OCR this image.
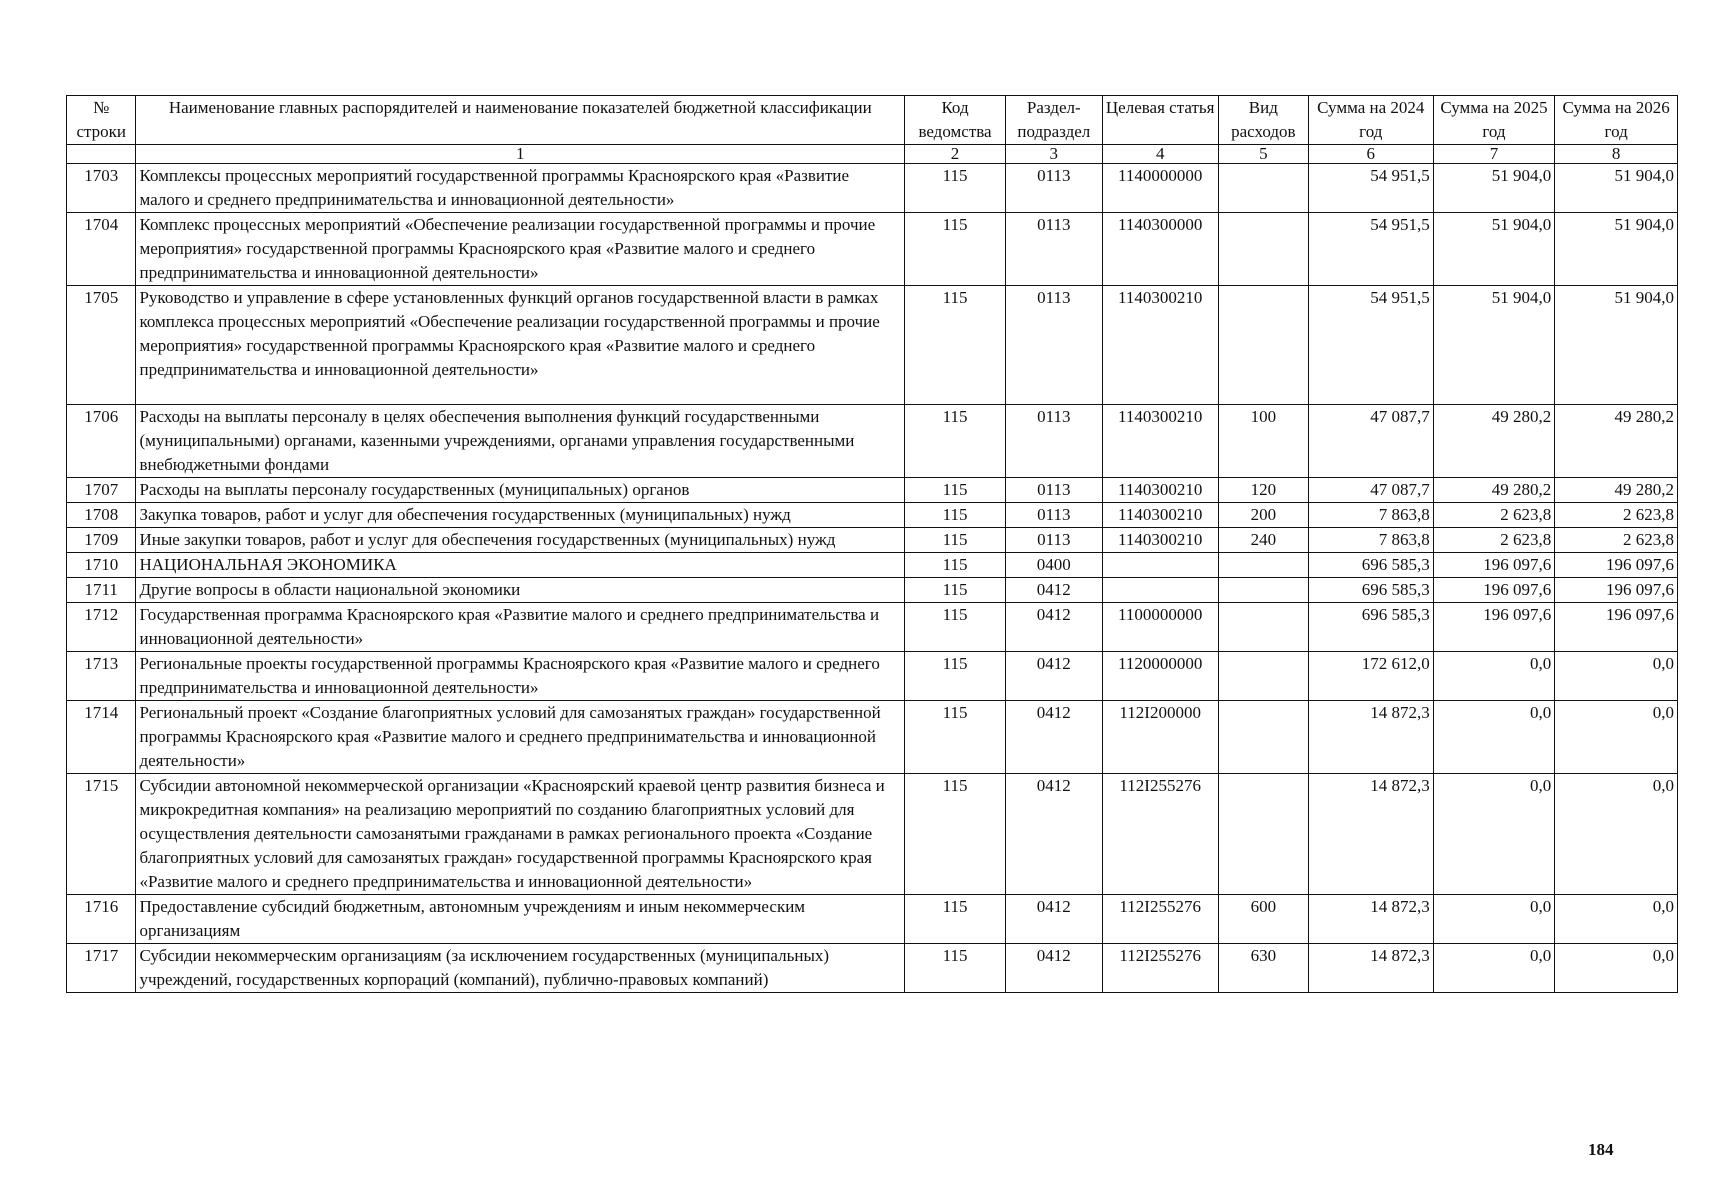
№ строки	Наименование главных распорядителей и наименование показателей бюджетной классификации	Код ведомства	Раздел-подраздел	Целевая статья	Вид расходов	Сумма на 2024 год	Сумма на 2025 год	Сумма на 2026 год
	1	2	3	4	5	6	7	8
1703	Комплексы процессных мероприятий государственной программы Красноярского края «Развитие малого и среднего предпринимательства и инновационной деятельности»	115	0113	1140000000		54 951,5	51 904,0	51 904,0
1704	Комплекс процессных мероприятий «Обеспечение реализации государственной программы и прочие мероприятия» государственной программы Красноярского края «Развитие малого и среднего предпринимательства и инновационной деятельности»	115	0113	1140300000		54 951,5	51 904,0	51 904,0
1705	Руководство и управление в сфере установленных функций органов государственной власти в рамках комплекса процессных мероприятий «Обеспечение реализации государственной программы и прочие мероприятия» государственной программы Красноярского края «Развитие малого и среднего предпринимательства и инновационной деятельности»	115	0113	1140300210		54 951,5	51 904,0	51 904,0
1706	Расходы на выплаты персоналу в целях обеспечения выполнения функций государственными (муниципальными) органами, казенными учреждениями, органами управления государственными внебюджетными фондами	115	0113	1140300210	100	47 087,7	49 280,2	49 280,2
1707	Расходы на выплаты персоналу государственных (муниципальных) органов	115	0113	1140300210	120	47 087,7	49 280,2	49 280,2
1708	Закупка товаров, работ и услуг для обеспечения государственных (муниципальных) нужд	115	0113	1140300210	200	7 863,8	2 623,8	2 623,8
1709	Иные закупки товаров, работ и услуг для обеспечения государственных (муниципальных) нужд	115	0113	1140300210	240	7 863,8	2 623,8	2 623,8
1710	НАЦИОНАЛЬНАЯ ЭКОНОМИКА	115	0400			696 585,3	196 097,6	196 097,6
1711	Другие вопросы в области национальной экономики	115	0412			696 585,3	196 097,6	196 097,6
1712	Государственная программа Красноярского края «Развитие малого и среднего предпринимательства и инновационной деятельности»	115	0412	1100000000		696 585,3	196 097,6	196 097,6
1713	Региональные проекты государственной программы Красноярского края «Развитие малого и среднего предпринимательства и инновационной деятельности»	115	0412	1120000000		172 612,0	0,0	0,0
1714	Региональный проект «Создание благоприятных условий для самозанятых граждан» государственной программы Красноярского края «Развитие малого и среднего предпринимательства и инновационной деятельности»	115	0412	112I200000		14 872,3	0,0	0,0
1715	Субсидии автономной некоммерческой организации «Красноярский краевой центр развития бизнеса и микрокредитная компания» на реализацию мероприятий по созданию благоприятных условий для осуществления деятельности самозанятыми гражданами в рамках регионального проекта «Создание благоприятных условий для самозанятых граждан» государственной программы Красноярского края «Развитие малого и среднего предпринимательства и инновационной деятельности»	115	0412	112I255276		14 872,3	0,0	0,0
1716	Предоставление субсидий бюджетным, автономным учреждениям и иным некоммерческим организациям	115	0412	112I255276	600	14 872,3	0,0	0,0
1717	Субсидии некоммерческим организациям (за исключением государственных (муниципальных) учреждений, государственных корпораций (компаний), публично-правовых компаний)	115	0412	112I255276	630	14 872,3	0,0	0,0
184
